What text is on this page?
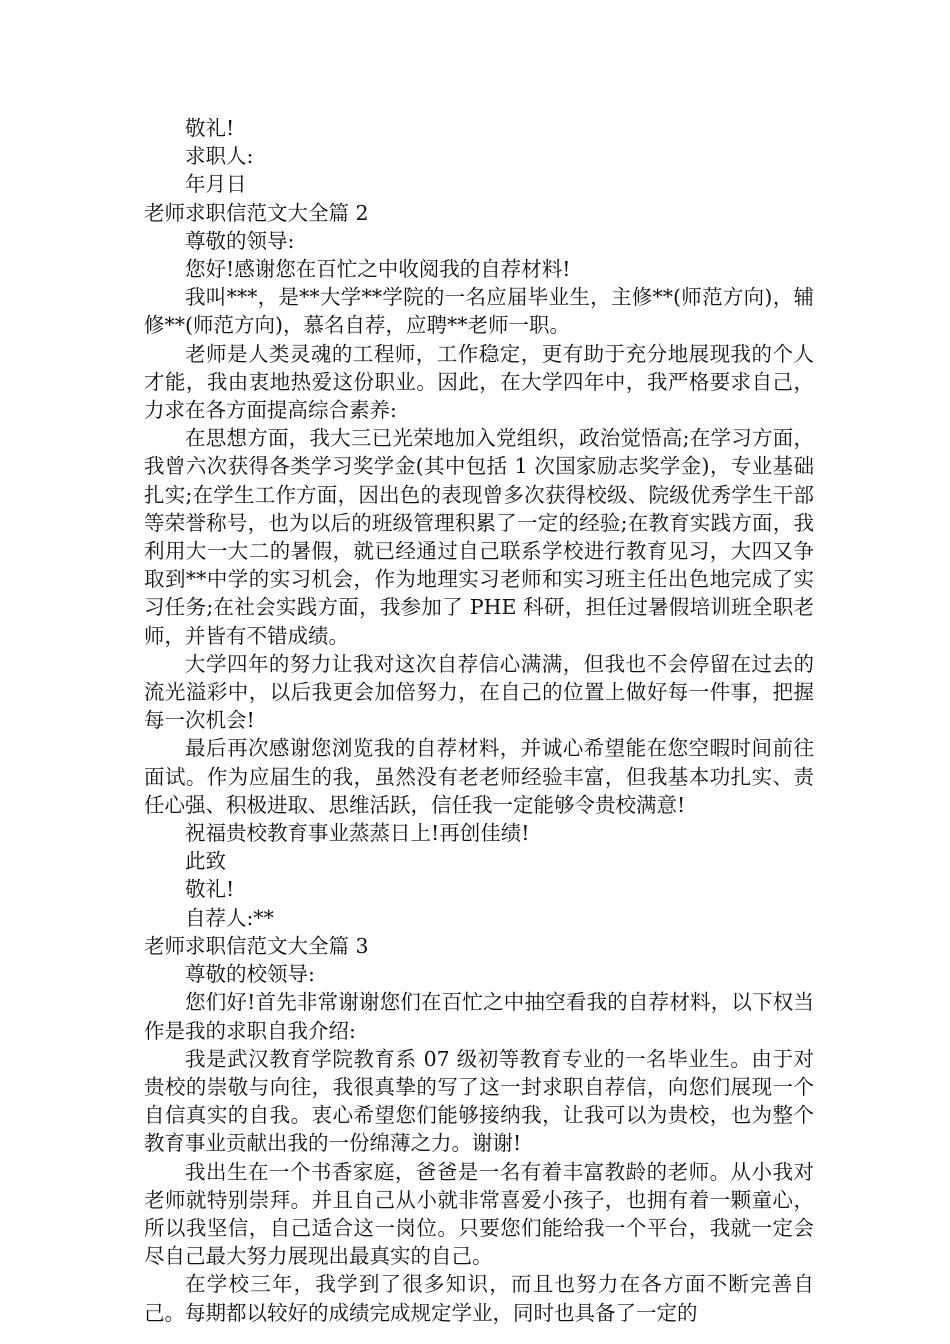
敬礼!

求职人:

年月日

老师求职信范文大全篇 2

尊敬的领导:

您好!感谢您在百忙之中收阅我的自荐材料!

我叫***，是**大学**学院的一名应届毕业生，主修**(师范方向)，辅修**(师范方向)，慕名自荐，应聘**老师一职。

老师是人类灵魂的工程师，工作稳定，更有助于充分地展现我的个人才能，我由衷地热爱这份职业。因此，在大学四年中，我严格要求自己，力求在各方面提高综合素养:

在思想方面，我大三已光荣地加入党组织，政治觉悟高;在学习方面，我曾六次获得各类学习奖学金(其中包括 1 次国家励志奖学金)，专业基础扎实;在学生工作方面，因出色的表现曾多次获得校级、院级优秀学生干部等荣誉称号，也为以后的班级管理积累了一定的经验;在教育实践方面，我利用大一大二的暑假，就已经通过自己联系学校进行教育见习，大四又争取到**中学的实习机会，作为地理实习老师和实习班主任出色地完成了实习任务;在社会实践方面，我参加了 PHE 科研，担任过暑假培训班全职老师，并皆有不错成绩。

大学四年的努力让我对这次自荐信心满满，但我也不会停留在过去的流光溢彩中，以后我更会加倍努力，在自己的位置上做好每一件事，把握每一次机会!

最后再次感谢您浏览我的自荐材料，并诚心希望能在您空暇时间前往面试。作为应届生的我，虽然没有老老师经验丰富，但我基本功扎实、责任心强、积极进取、思维活跃，信任我一定能够令贵校满意!

祝福贵校教育事业蒸蒸日上!再创佳绩!

此致

敬礼!

自荐人:**

老师求职信范文大全篇 3

尊敬的校领导:

您们好!首先非常谢谢您们在百忙之中抽空看我的自荐材料，以下权当作是我的求职自我介绍:

我是武汉教育学院教育系 07 级初等教育专业的一名毕业生。由于对贵校的崇敬与向往，我很真挚的写了这一封求职自荐信，向您们展现一个自信真实的自我。衷心希望您们能够接纳我，让我可以为贵校，也为整个教育事业贡献出我的一份绵薄之力。谢谢!

我出生在一个书香家庭，爸爸是一名有着丰富教龄的老师。从小我对老师就特别崇拜。并且自己从小就非常喜爱小孩子，也拥有着一颗童心，所以我坚信，自己适合这一岗位。只要您们能给我一个平台，我就一定会尽自己最大努力展现出最真实的自己。

在学校三年，我学到了很多知识，而且也努力在各方面不断完善自己。每期都以较好的成绩完成规定学业，同时也具备了一定的
